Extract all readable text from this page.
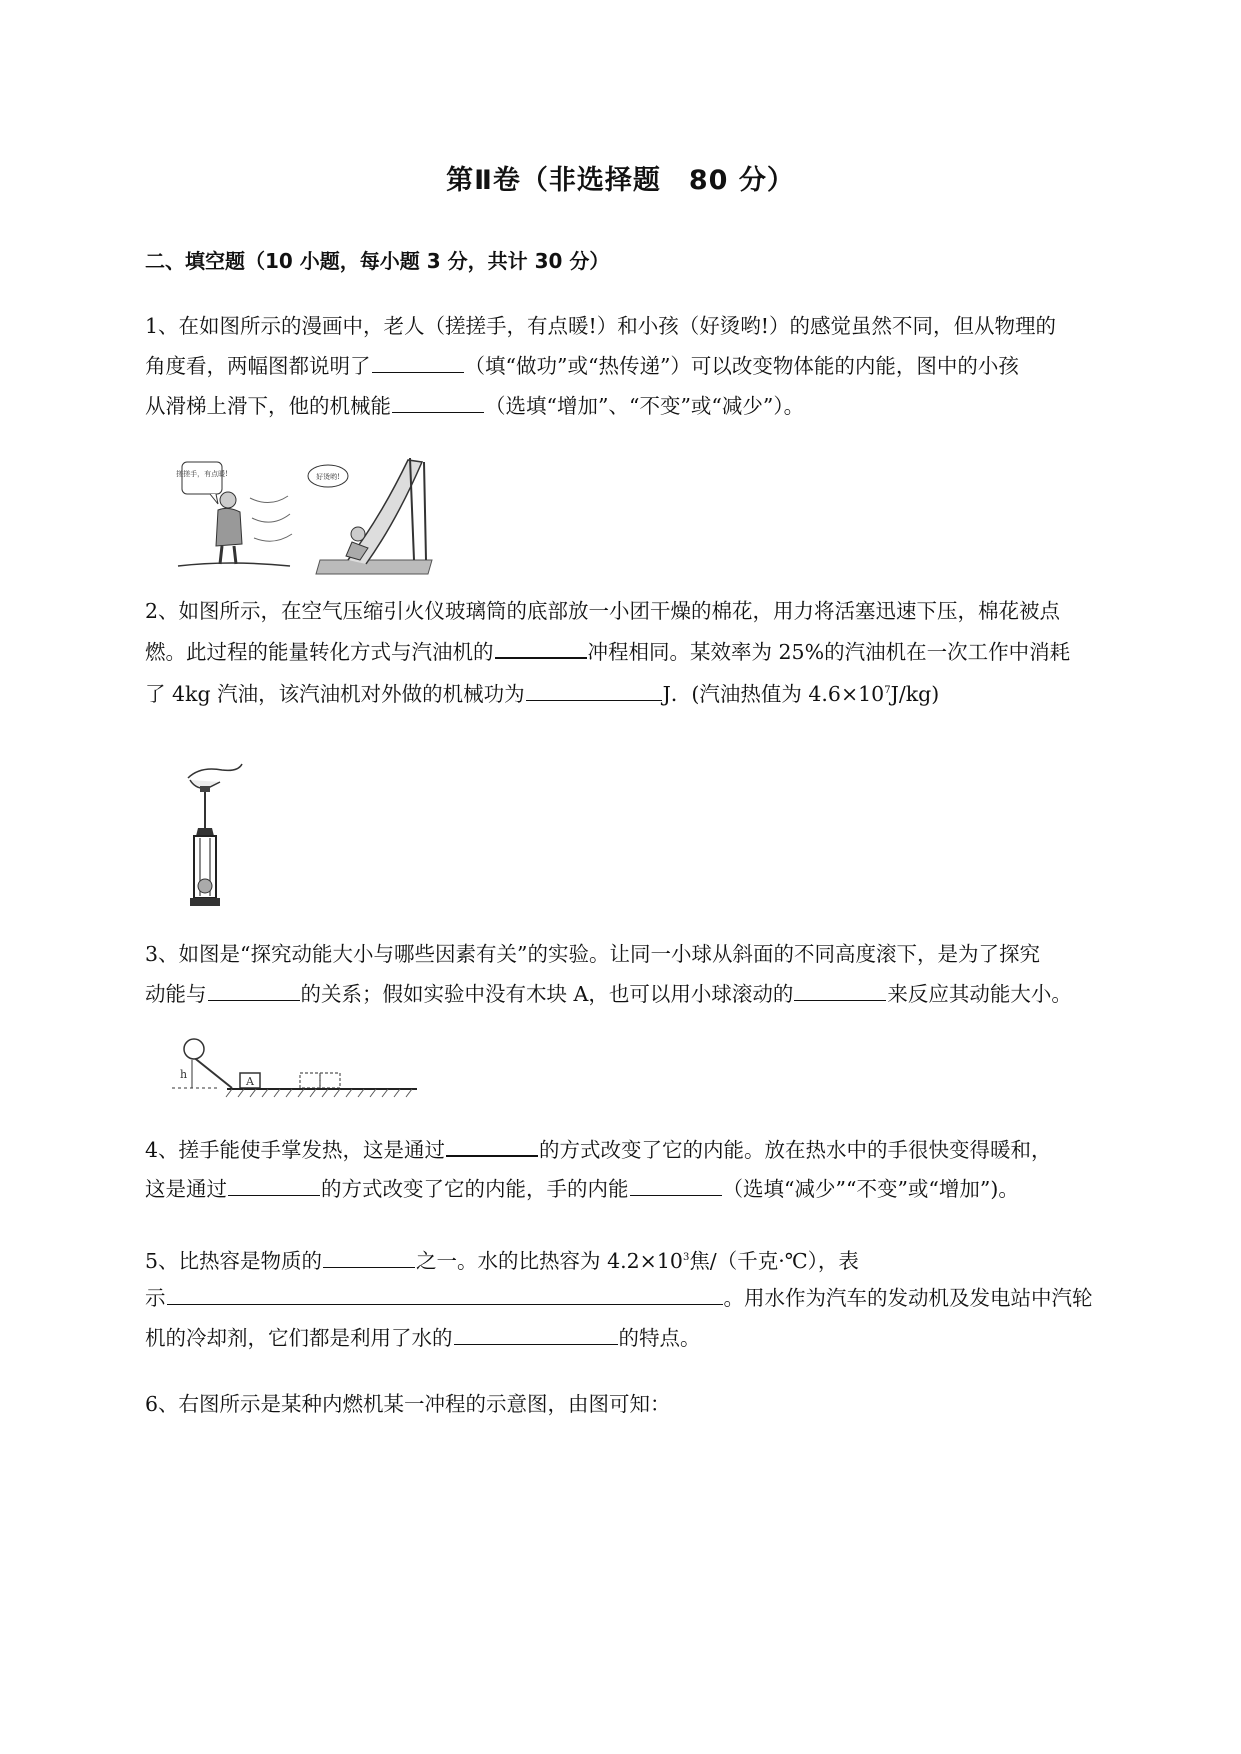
第Ⅱ卷（非选择题　80 分）
二、填空题（10 小题，每小题 3 分，共计 30 分）
1、在如图所示的漫画中，老人（搓搓手，有点暖!）和小孩（好烫哟!）的感觉虽然不同，但从物理的
角度看，两幅图都说明了	（填“做功”或“热传递”）可以改变物体能的内能，图中的小孩
从滑梯上滑下，他的机械能	（选填“增加”、“不变”或“减少”）。
搓搓手，有点暖!	好烫哟!
2、如图所示，在空气压缩引火仪玻璃筒的底部放一小团干燥的棉花，用力将活塞迅速下压，棉花被点
燃。此过程的能量转化方式与汽油机的	冲程相同。某效率为 25%的汽油机在一次工作中消耗
了 4kg 汽油，该汽油机对外做的机械功为	J．(汽油热值为 $4.6\times 10^7J/kg$)
3、如图是“探究动能大小与哪些因素有关”的实验。让同一小球从斜面的不同高度滚下，是为了探究
动能与	的关系；假如实验中没有木块 A，也可以用小球滚动的	来反应其动能大小。
h
A
4、搓手能使手掌发热，这是通过	的方式改变了它的内能。放在热水中的手很快变得暖和，
这是通过	的方式改变了它的内能，手的内能	（选填“减少”“不变”或“增加”)。
5、比热容是物质的	之一。水的比热容为 $4.2\times 10^3$焦/（千克·℃），表
示	。用水作为汽车的发动机及发电站中汽轮
机的冷却剂，它们都是利用了水的	的特点。
6、右图所示是某种内燃机某一冲程的示意图，由图可知：
